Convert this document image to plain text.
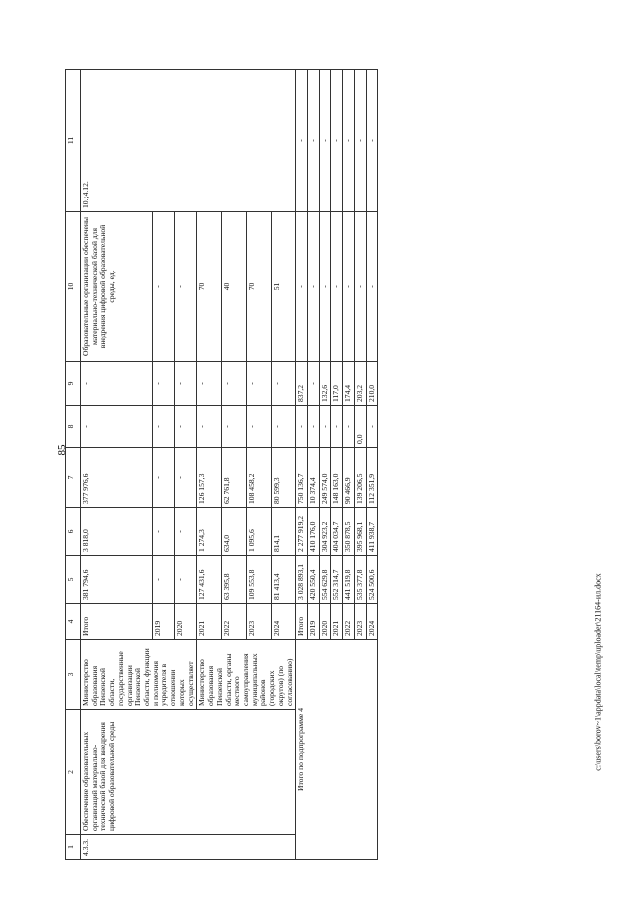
85
c:\users\borov~1\appdata\local\temp\uploader\21164-ил.docx
1	2	3	4	5	6	7	8	9	10	11
4.3.3.	Обеспечение образовательных организаций материально-технической базой для внедрения цифровой образовательной среды	Министерство образования Пензенской области, государственные организации Пензенской области, функции и полномочия учредителя в отношении которых осуществляет	Итого	381 794,6	3 818,0	377 976,6	-	-	Образовательные организации обеспечены материально-технической базой для внедрения цифровой образовательной среды, ед.	10.;4.12.
			2019	-	-	-	-	-	-	
			2020	-	-	-	-	-	-	
		Министерство образования Пензенской области, органы местного самоуправления муниципальных районов (городских округов) (по согласованию)	2021	127 431,6	1 274,3	126 157,3	-	-	70	
			2022	63 395,8	634,0	62 761,8	-	-	40	
			2023	109 553,8	1 095,6	108 458,2	-	-	70	
			2024	81 413,4	814,1	80 599,3	-	-	51	
Итого по подпрограмме 4			Итого	3 028 893,1	2 277 919,2	750 136,7	-	837,2	-	-
			2019	420 550,4	410 176,0	10 374,4	-	-	-	-
			2020	554 629,8	304 923,2	249 574,0	-	132,6	-	-
			2021	552 314,7	404 034,7	148 163,0	-	117,0	-	-
			2022	441 519,8	350 878,5	90 466,9	-	174,4	-	-
			2023	535 377,8	395 968,1	139 206,5	0,0	203,2	-	-
			2024	524 500,6	411 938,7	112 351,9	-	210,0	-	-
